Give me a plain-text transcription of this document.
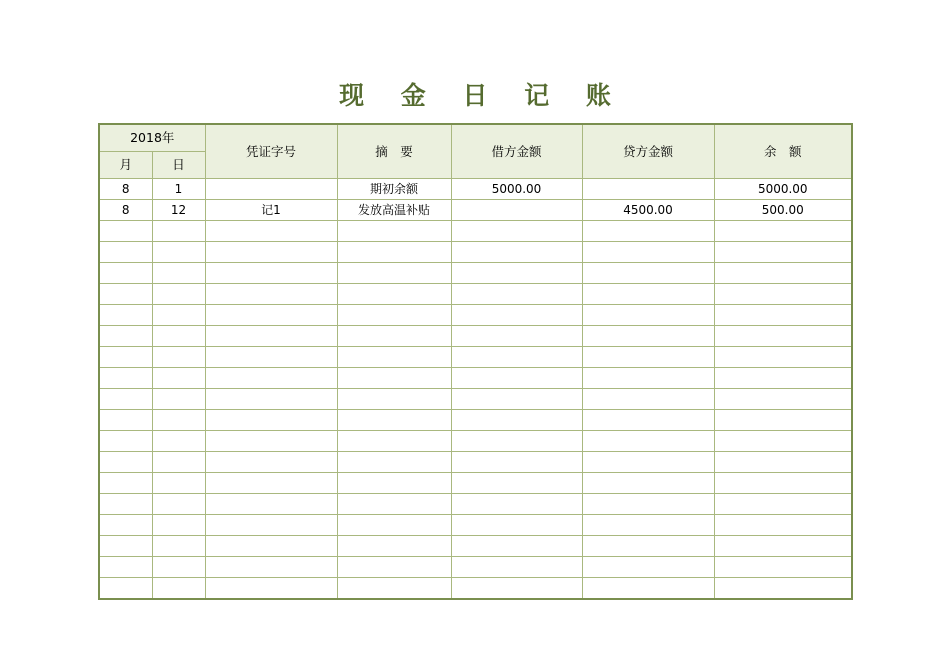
现 金 日 记 账
2018年		凭证字号	摘　要	借方金额	贷方金额	余　额
月	日					
8	1		期初余额	5000.00		5000.00
8	12	记1	发放高温补贴		4500.00	500.00
